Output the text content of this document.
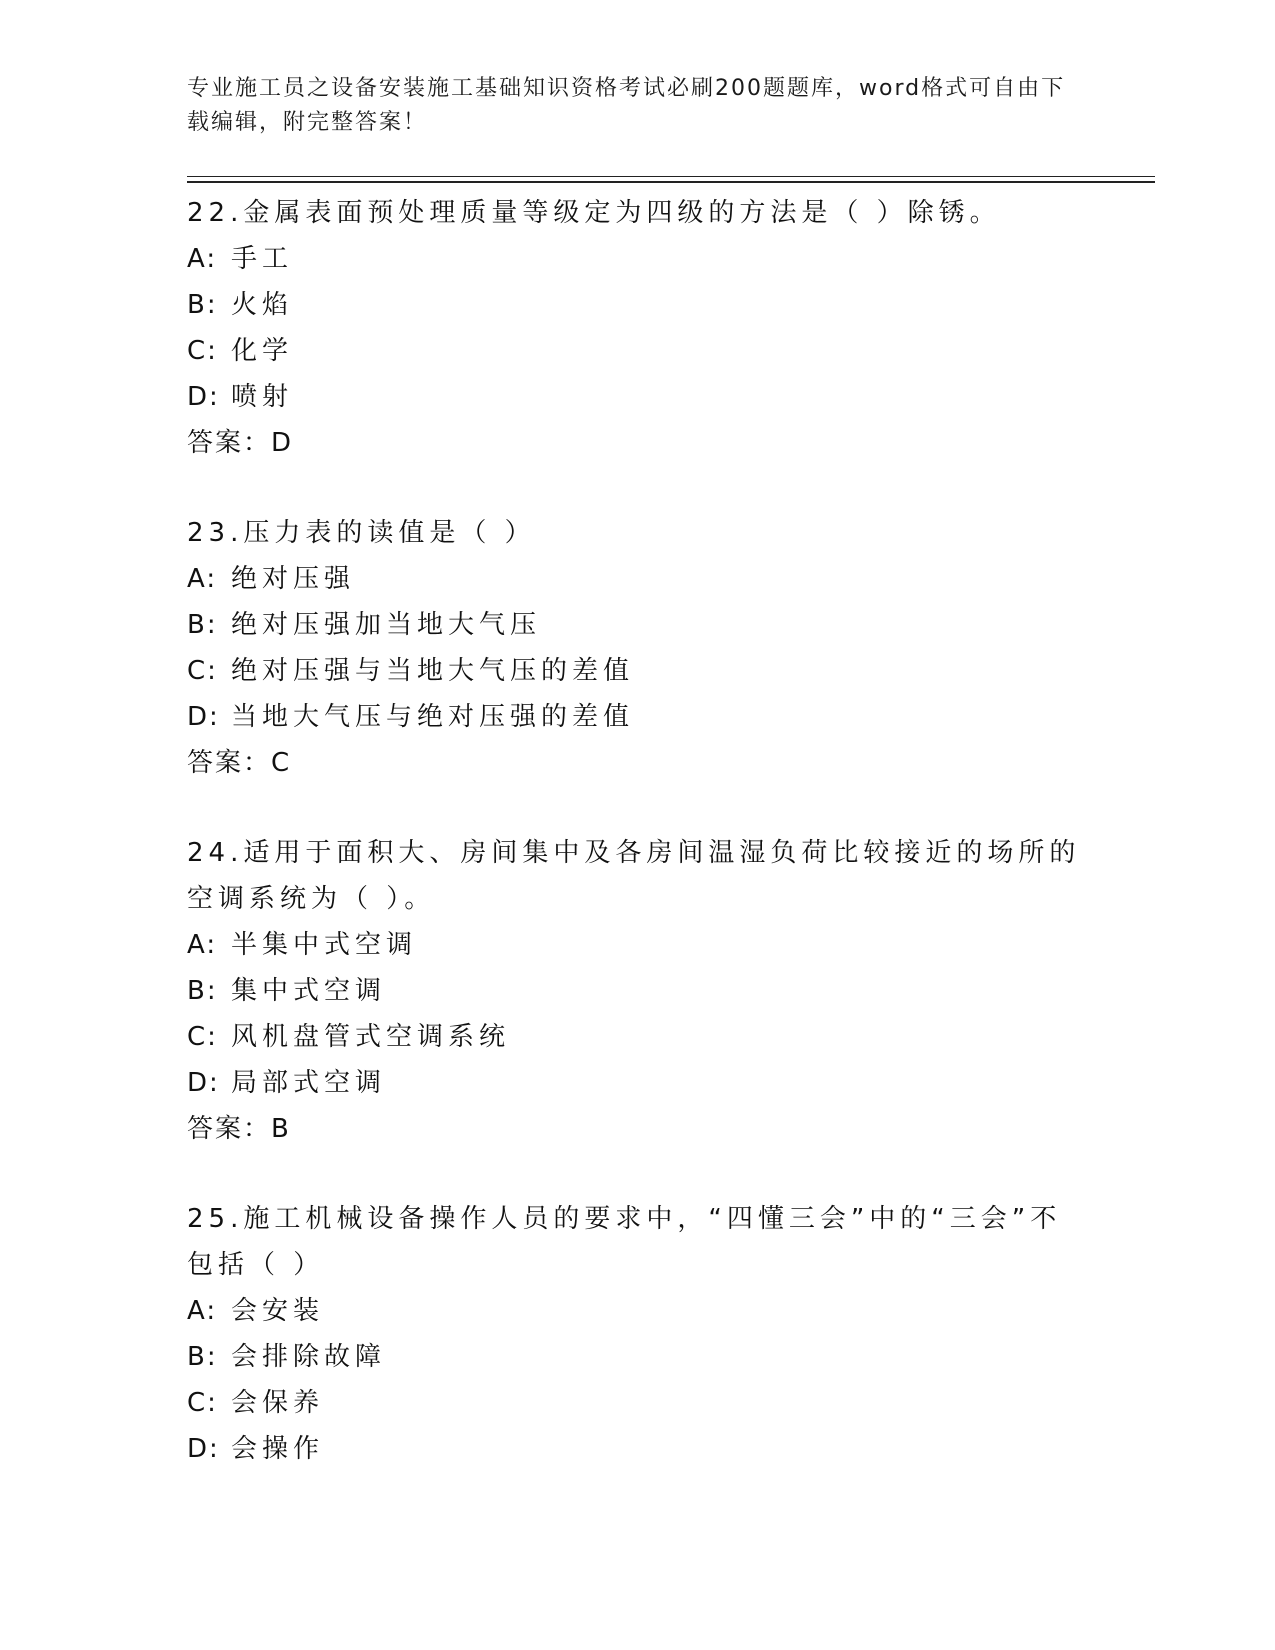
专业施工员之设备安装施工基础知识资格考试必刷200题题库，word格式可自由下载编辑，附完整答案！
22.金属表面预处理质量等级定为四级的方法是（ ）除锈。
A: 手工
B: 火焰
C: 化学
D: 喷射
答案：D
23.压力表的读值是（ ）
A: 绝对压强
B: 绝对压强加当地大气压
C: 绝对压强与当地大气压的差值
D: 当地大气压与绝对压强的差值
答案：C
24.适用于面积大、房间集中及各房间温湿负荷比较接近的场所的空调系统为（ ）。
A: 半集中式空调
B: 集中式空调
C: 风机盘管式空调系统
D: 局部式空调
答案：B
25.施工机械设备操作人员的要求中，“四懂三会”中的“三会”不包括（ ）
A: 会安装
B: 会排除故障
C: 会保养
D: 会操作
